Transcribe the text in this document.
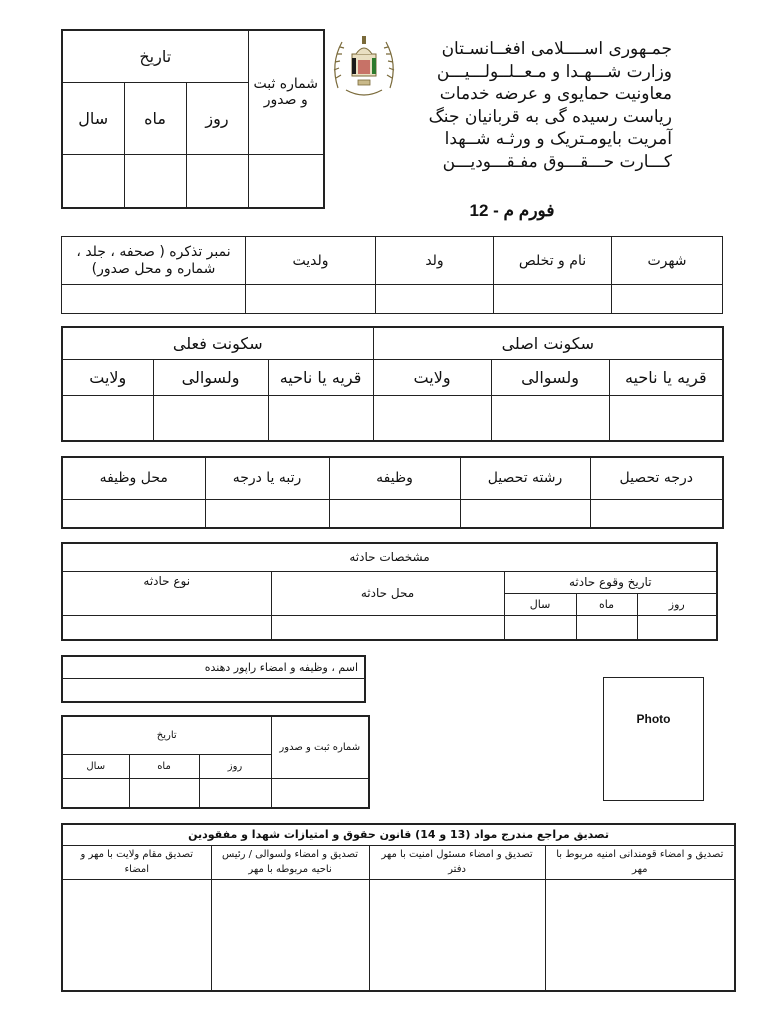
شماره ثبت و صدور	تاریخ		
	روز	ماه	سال

جمـهوری اســــلامی افغــانسـتان
وزارت شـــهـدا و مـعــلــولـــیـــن
معاونیت حمایوی و عرضه خدمات
ریاست رسیده گی به قربانیان جنگ
آمریت بایومـتریک و ورثـه شــهدا
کـــارت حـــقـــوق مفـقـــودیـــن
فورم م - 12
شهرت	نام و تخلص	ولد	ولدیت	نمبر تذکره ( صحفه ، جلد ، شماره و محل صدور)

سکونت اصلی			سکونت فعلی		
قریه یا ناحیه	ولسوالی	ولایت	قریه یا ناحیه	ولسوالی	ولایت

درجه تحصیل	رشته تحصیل	وظیفه	رتبه یا درجه	محل وظیفه

مشخصات حادثه				
تاریخ وقوع حادثه			محل حادثه	نوع حادثه
روز	ماه	سال		

اسم ، وظیفه و امضاء راپور دهنده

شماره ثبت و صدور	تاریخ		
	روز	ماه	سال

Photo
تصدیق مراجع مندرج مواد (13 و 14) قانون حقوق و امتیازات شهدا و مفقودین			
تصدیق و امضاء قومندانی امنیه مربوط با مهر	تصدیق و امضاء مسئول امنیت با مهر دفتر	تصدیق و امضاء ولسوالی / رئیس ناحیه مربوطه با مهر	تصدیق مقام ولایت با مهر و امضاء
